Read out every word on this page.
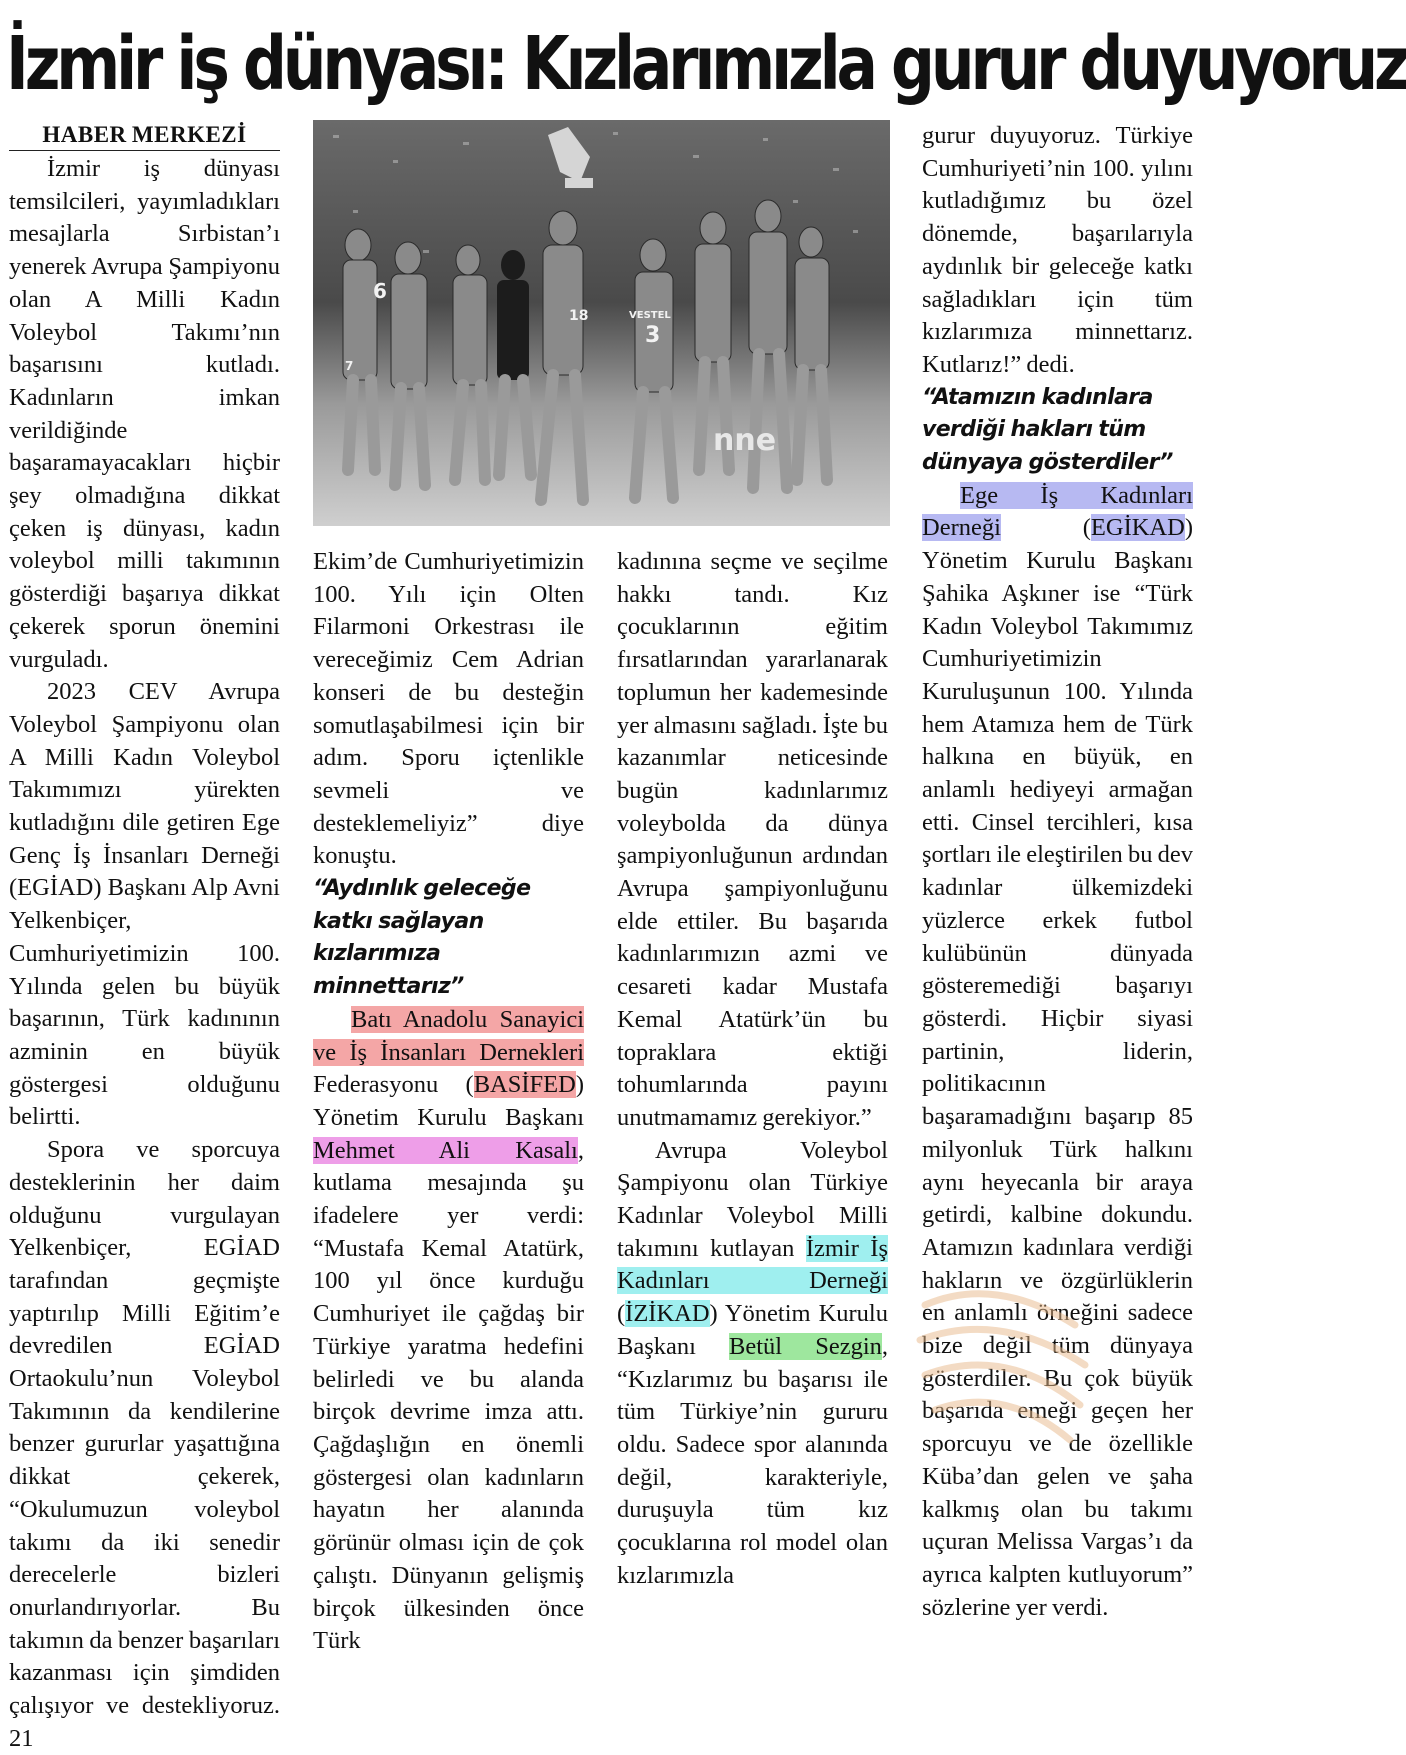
İzmir iş dünyası: Kızlarımızla gurur duyuyoruz
HABER MERKEZİ

İzmir iş dünyası temsilcileri, yayımladıkları mesajlarla Sırbistan’ı yenerek Avrupa Şampiyonu olan A Milli Kadın Voleybol Takımı’nın başarısını kutladı. Kadınların imkan verildiğinde başaramayacakları hiçbir şey olmadığına dikkat çeken iş dünyası, kadın voleybol milli takımının gösterdiği başarıya dikkat çekerek sporun önemini vurguladı.

2023 CEV Avrupa Voleybol Şampiyonu olan A Milli Kadın Voleybol Takımımızı yürekten kutladığını dile getiren Ege Genç İş İnsanları Derneği (EGİAD) Başkanı Alp Avni Yelkenbiçer, Cumhuriyetimizin 100. Yılında gelen bu büyük başarının, Türk kadınının azminin en büyük göstergesi olduğunu belirtti.

Spora ve sporcuya desteklerinin her daim olduğunu vurgulayan Yelkenbiçer, EGİAD tarafından geçmişte yaptırılıp Milli Eğitim’e devredilen EGİAD Ortaokulu’nun Voleybol Takımının da kendilerine benzer gururlar yaşattığına dikkat çekerek, “Okulumuzun voleybol takımı da iki senedir derecelerle bizleri onurlandırıyorlar. Bu takımın da benzer başarıları kazanması için şimdiden çalışıyor ve destekliyoruz. 21

6
3
18
7
VESTEL
nne

Ekim’de Cumhuriyetimizin 100. Yılı için Olten Filarmoni Orkestrası ile vereceğimiz Cem Adrian konseri de bu desteğin somutlaşabilmesi için bir adım. Sporu içtenlikle sevmeli ve desteklemeliyiz” diye konuştu.

“Aydınlık geleceğe katkı sağlayan kızlarımıza minnettarız”

Batı Anadolu Sanayici ve İş İnsanları Dernekleri Federasyonu (BASİFED) Yönetim Kurulu Başkanı Mehmet Ali Kasalı, kutlama mesajında şu ifadelere yer verdi: “Mustafa Kemal Atatürk, 100 yıl önce kurduğu Cumhuriyet ile çağdaş bir Türkiye yaratma hedefini belirledi ve bu alanda birçok devrime imza attı. Çağdaşlığın en önemli göstergesi olan kadınların hayatın her alanında görünür olması için de çok çalıştı. Dünyanın gelişmiş birçok ülkesinden önce Türk

kadınına seçme ve seçilme hakkı tandı. Kız çocuklarının eğitim fırsatlarından yararlanarak toplumun her kademesinde yer almasını sağladı. İşte bu kazanımlar neticesinde bugün kadınlarımız voleybolda da dünya şampiyonluğunun ardından Avrupa şampiyonluğunu elde ettiler. Bu başarıda kadınlarımızın azmi ve cesareti kadar Mustafa Kemal Atatürk’ün bu topraklara ektiği tohumlarında payını unutmamamız gerekiyor.”

Avrupa Voleybol Şampiyonu olan Türkiye Kadınlar Voleybol Milli takımını kutlayan İzmir İş Kadınları Derneği (İZİKAD) Yönetim Kurulu Başkanı Betül Sezgin, “Kızlarımız bu başarısı ile tüm Türkiye’nin gururu oldu. Sadece spor alanında değil, karakteriyle, duruşuyla tüm kız çocuklarına rol model olan kızlarımızla

gurur duyuyoruz. Türkiye Cumhuriyeti’nin 100. yılını kutladığımız bu özel dönemde, başarılarıyla aydınlık bir geleceğe katkı sağladıkları için tüm kızlarımıza minnettarız. Kutlarız!” dedi.

“Atamızın kadınlara verdiği hakları tüm dünyaya gösterdiler”

Ege İş Kadınları Derneği (EGİKAD) Yönetim Kurulu Başkanı Şahika Aşkıner ise “Türk Kadın Voleybol Takımımız Cumhuriyetimizin Kuruluşunun 100. Yılında hem Atamıza hem de Türk halkına en büyük, en anlamlı hediyeyi armağan etti. Cinsel tercihleri, kısa şortları ile eleştirilen bu dev kadınlar ülkemizdeki yüzlerce erkek futbol kulübünün dünyada gösteremediği başarıyı gösterdi. Hiçbir siyasi partinin, liderin, politikacının başaramadığını başarıp 85 milyonluk Türk halkını aynı heyecanla bir araya getirdi, kalbine dokundu. Atamızın kadınlara verdiği hakların ve özgürlüklerin en anlamlı örneğini sadece bize değil tüm dünyaya gösterdiler. Bu çok büyük başarıda emeği geçen her sporcuyu ve de özellikle Küba’dan gelen ve şaha kalkmış olan bu takımı uçuran Melissa Vargas’ı da ayrıca kalpten kutluyorum” sözlerine yer verdi.
